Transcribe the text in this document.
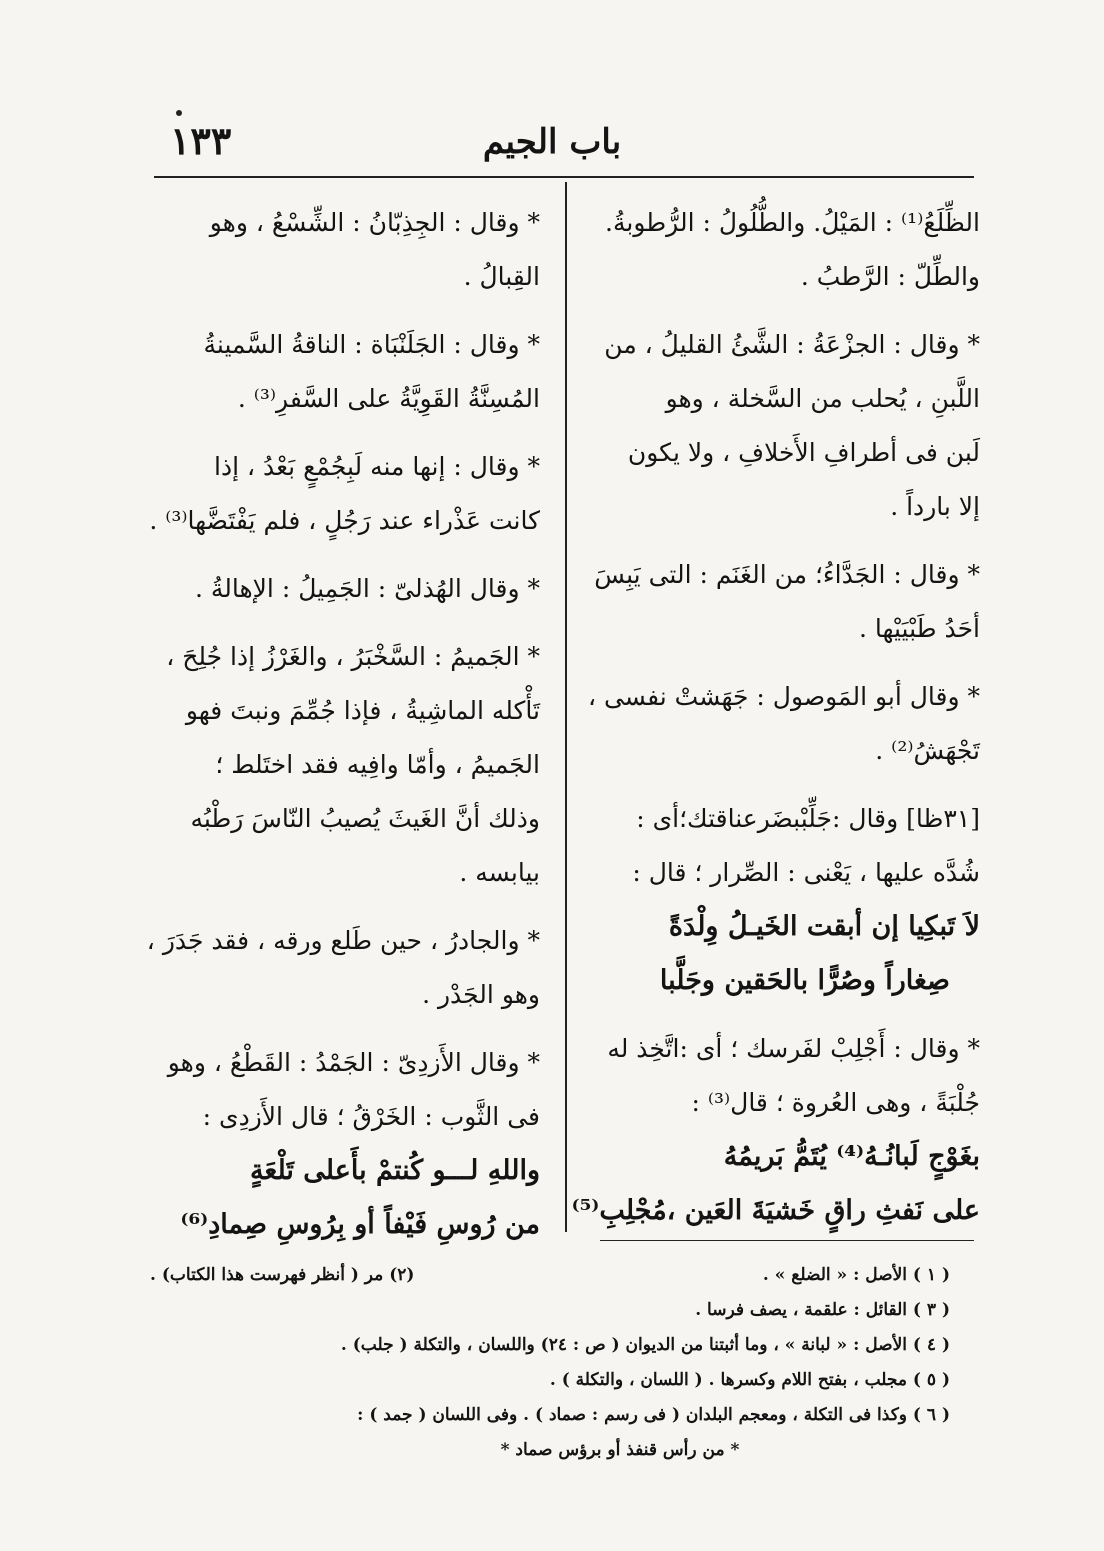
١٣٣	باب الجيم
الظِّلَعُ⁽¹⁾ : المَيْلُ. والطُّلُولُ : الرُّطوبةُ.
والطِّلّ : الرَّطبُ .
* وقال : الجزْعَةُ : الشَّئُ القليلُ ، من
اللَّبنِ ، يُحلب من السَّخلة ، وهو
لَبن فى أطرافِ الأَخلافِ ، ولا يكون
إلا بارداً .
* وقال : الجَدَّاءُ؛ من الغَنَم : التى يَبِسَ
أحَدُ طَبْيَيْها .
* وقال أبو المَوصول : جَهَشتْ نفسى ،
تَجْهَشُ⁽²⁾ .
[٣١ظا] وقال :جَلِّبْبضَرعناقتك؛أى :
شُدَّه عليها ، يَعْنى : الصِّرار ؛ قال :
لاَ تَبكِيا إن أبقت الخَيـلُ وِلْدَةً
صِغاراً وصُرًّا بالحَقين وجَلَّبا
* وقال : أَجْلِبْ لفَرسك ؛ أى :اتَّخِذ له
جُلْبَةً ، وهى العُروة ؛ قال⁽³⁾ :
بغَوْجٍ لَبانُـهُ⁽⁴⁾ يُتَمُّ بَريمُهُ
على نَفثِ راقٍ خَشيَةَ العَين ،مُجْلِبِ⁽⁵⁾
* وقال : الجِذِبّانُ : الشِّسْعُ ، وهو
القِبالُ .
* وقال : الجَلَنْبَاة : الناقةُ السَّمينةُ
المُسِنَّةُ القَوِيَّةُ على السَّفرِ⁽³⁾ .
* وقال : إنها منه لَبِجُمْعٍ بَعْدُ ، إذا
كانت عَذْراء عند رَجُلٍ ، فلم يَفْتَضَّها⁽³⁾ .
* وقال الهُذلىّ : الجَمِيلُ : الإهالةُ .
* الجَميمُ : السَّخْبَرُ ، والغَرْزُ إذا جُلِحَ ،
تَأْكله الماشِيةُ ، فإذا جُمِّمَ ونبتَ فهو
الجَميمُ ، وأمّا وافِيه فقد اختَلط ؛
وذلك أنَّ الغَيثَ يُصيبُ النّاسَ رَطْبُه
بيابسه .
* والجادرُ ، حين طَلع ورقه ، فقد جَدَرَ ،
وهو الجَدْر .
* وقال الأَزدِىّ : الجَمْدُ : القَطْعُ ، وهو
فى الثَّوب : الخَرْقُ ؛ قال الأَزدِى :
واللهِ لـــو كُنتمْ بأَعلى تَلْعَةٍ
من رُوسِ فَيْفاً أو بِرُوسِ صِمادِ⁽⁶⁾
( ١ ) الأصل : « الضلع » .
(٢) مر ( أنظر فهرست هذا الكتاب) .
( ٣ ) القائل : علقمة ، يصف فرسا .
( ٤ ) الأصل : « لبانة » ، وما أثبتنا من الديوان ( ص : ٢٤) واللسان ، والتكلة ( جلب) .
( ٥ ) مجلب ، بفتح اللام وكسرها . ( اللسان ، والتكلة ) .
( ٦ ) وكذا فى التكلة ، ومعجم البلدان ( فى رسم : صماد ) . وفى اللسان ( جمد ) :
* من رأس قنفذ أو برؤس صماد *
